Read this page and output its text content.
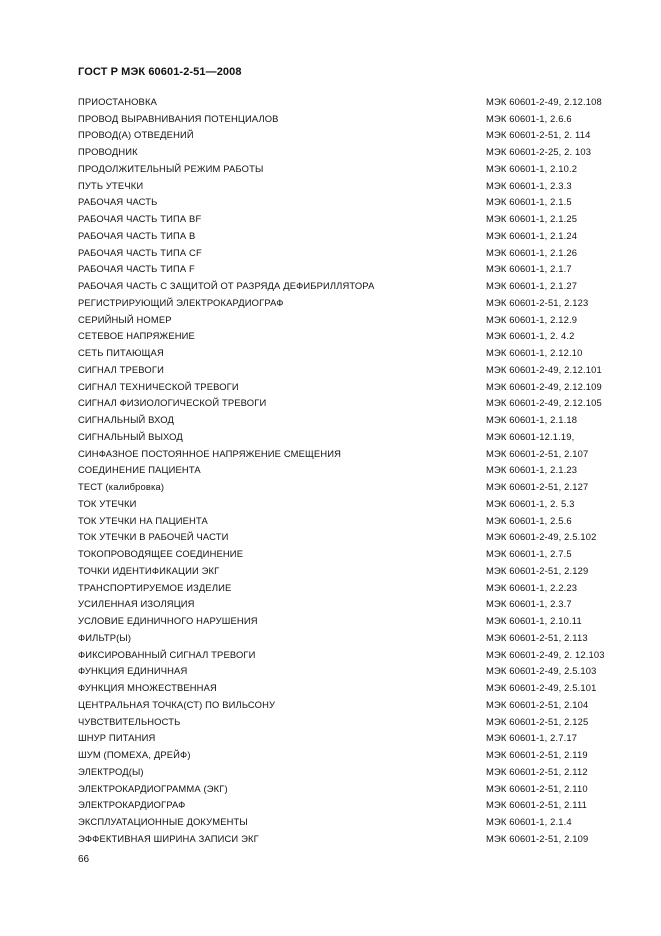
ГОСТ Р МЭК 60601-2-51—2008
ПРИОСТАНОВКА	МЭК 60601-2-49, 2.12.108
ПРОВОД ВЫРАВНИВАНИЯ ПОТЕНЦИАЛОВ	МЭК 60601-1, 2.6.6
ПРОВОД(А) ОТВЕДЕНИЙ	МЭК 60601-2-51, 2. 114
ПРОВОДНИК	МЭК 60601-2-25, 2. 103
ПРОДОЛЖИТЕЛЬНЫЙ РЕЖИМ РАБОТЫ	МЭК 60601-1, 2.10.2
ПУТЬ УТЕЧКИ	МЭК 60601-1, 2.3.3
РАБОЧАЯ ЧАСТЬ	МЭК 60601-1, 2.1.5
РАБОЧАЯ ЧАСТЬ ТИПА BF	МЭК 60601-1, 2.1.25
РАБОЧАЯ ЧАСТЬ ТИПА В	МЭК 60601-1, 2.1.24
РАБОЧАЯ ЧАСТЬ ТИПА CF	МЭК 60601-1, 2.1.26
РАБОЧАЯ ЧАСТЬ ТИПА F	МЭК 60601-1, 2.1.7
РАБОЧАЯ ЧАСТЬ С ЗАЩИТОЙ ОТ РАЗРЯДА ДЕФИБРИЛЛЯТОРА	МЭК 60601-1, 2.1.27
РЕГИСТРИРУЮЩИЙ ЭЛЕКТРОКАРДИОГРАФ	МЭК 60601-2-51, 2.123
СЕРИЙНЫЙ НОМЕР	МЭК 60601-1, 2.12.9
СЕТЕВОЕ НАПРЯЖЕНИЕ	МЭК 60601-1, 2. 4.2
СЕТЬ ПИТАЮЩАЯ	МЭК 60601-1, 2.12.10
СИГНАЛ ТРЕВОГИ	МЭК 60601-2-49, 2.12.101
СИГНАЛ ТЕХНИЧЕСКОЙ ТРЕВОГИ	МЭК 60601-2-49, 2.12.109
СИГНАЛ ФИЗИОЛОГИЧЕСКОЙ ТРЕВОГИ	МЭК 60601-2-49, 2.12.105
СИГНАЛЬНЫЙ ВХОД	МЭК 60601-1, 2.1.18
СИГНАЛЬНЫЙ ВЫХОД	МЭК 60601-12.1.19,
СИНФАЗНОЕ ПОСТОЯННОЕ НАПРЯЖЕНИЕ СМЕЩЕНИЯ	МЭК 60601-2-51, 2.107
СОЕДИНЕНИЕ ПАЦИЕНТА	МЭК 60601-1, 2.1.23
ТЕСТ (калибровка)	МЭК 60601-2-51, 2.127
ТОК УТЕЧКИ	МЭК 60601-1, 2. 5.3
ТОК УТЕЧКИ НА ПАЦИЕНТА	МЭК 60601-1, 2.5.6
ТОК УТЕЧКИ В РАБОЧЕЙ ЧАСТИ	МЭК 60601-2-49, 2.5.102
ТОКОПРОВОДЯЩЕЕ СОЕДИНЕНИЕ	МЭК 60601-1, 2.7.5
ТОЧКИ ИДЕНТИФИКАЦИИ ЭКГ	МЭК 60601-2-51, 2.129
ТРАНСПОРТИРУЕМОЕ ИЗДЕЛИЕ	МЭК 60601-1, 2.2.23
УСИЛЕННАЯ ИЗОЛЯЦИЯ	МЭК 60601-1, 2.3.7
УСЛОВИЕ ЕДИНИЧНОГО НАРУШЕНИЯ	МЭК 60601-1, 2.10.11
ФИЛЬТР(Ы)	МЭК 60601-2-51, 2.113
ФИКСИРОВАННЫЙ СИГНАЛ ТРЕВОГИ	МЭК 60601-2-49, 2. 12.103
ФУНКЦИЯ ЕДИНИЧНАЯ	МЭК 60601-2-49, 2.5.103
ФУНКЦИЯ МНОЖЕСТВЕННАЯ	МЭК 60601-2-49, 2.5.101
ЦЕНТРАЛЬНАЯ ТОЧКА(СТ) ПО ВИЛЬСОНУ	МЭК 60601-2-51, 2.104
ЧУВСТВИТЕЛЬНОСТЬ	МЭК 60601-2-51, 2.125
ШНУР ПИТАНИЯ	МЭК 60601-1, 2.7.17
ШУМ (ПОМЕХА, ДРЕЙФ)	МЭК 60601-2-51, 2.119
ЭЛЕКТРОД(Ы)	МЭК 60601-2-51, 2.112
ЭЛЕКТРОКАРДИОГРАММА (ЭКГ)	МЭК 60601-2-51, 2.110
ЭЛЕКТРОКАРДИОГРАФ	МЭК 60601-2-51, 2.111
ЭКСПЛУАТАЦИОННЫЕ ДОКУМЕНТЫ	МЭК 60601-1, 2.1.4
ЭФФЕКТИВНАЯ ШИРИНА ЗАПИСИ ЭКГ	МЭК 60601-2-51, 2.109
66
